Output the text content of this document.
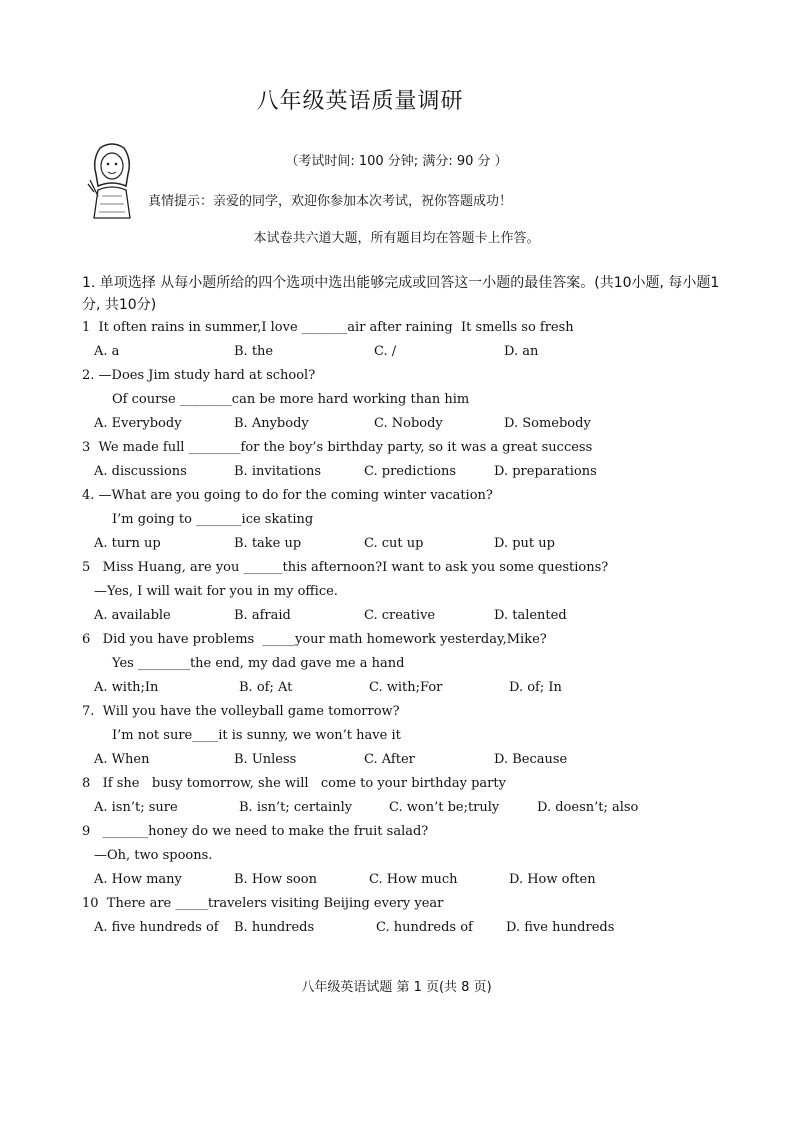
八年级英语质量调研
（考试时间: 100 分钟; 满分: 90 分 ）
真情提示：亲爱的同学，欢迎你参加本次考试，祝你答题成功！
本试卷共六道大题，所有题目均在答题卡上作答。
1. 单项选择 从每小题所给的四个选项中选出能够完成或回答这一小题的最佳答案。(共10小题, 每小题1分, 共10分)
1  It often rains in summer,I love _______air after raining  It smells so fresh
A. a	B. the	C. /	D. an
2. —Does Jim study hard at school?
Of course ________can be more hard working than him
A. Everybody	B. Anybody	C. Nobody	D. Somebody
3  We made full ________for the boy’s birthday party, so it was a great success
A. discussions	B. invitations	C. predictions	D. preparations
4. —What are you going to do for the coming winter vacation?
I’m going to _______ice skating
A. turn up	B. take up	C. cut up	D. put up
5   Miss Huang, are you ______this afternoon?I want to ask you some questions?
—Yes, I will wait for you in my office.
A. available	B. afraid	C. creative	D. talented
6   Did you have problems  _____your math homework yesterday,Mike?
Yes ________the end, my dad gave me a hand
A. with;In	B. of; At	C. with;For	D. of; In
7.  Will you have the volleyball game tomorrow?
I’m not sure____it is sunny, we won’t have it
A. When	B. Unless	C. After	D. Because
8   If she   busy tomorrow, she will   come to your birthday party
A. isn’t; sure	B. isn’t; certainly	C. won’t be;truly	D. doesn’t; also
9   _______honey do we need to make the fruit salad?
—Oh, two spoons.
A. How many	B. How soon	C. How much	D. How often
10  There are _____travelers visiting Beijing every year
A. five hundreds of	B. hundreds	C. hundreds of	D. five hundreds
八年级英语试题 第 1 页(共 8 页)
